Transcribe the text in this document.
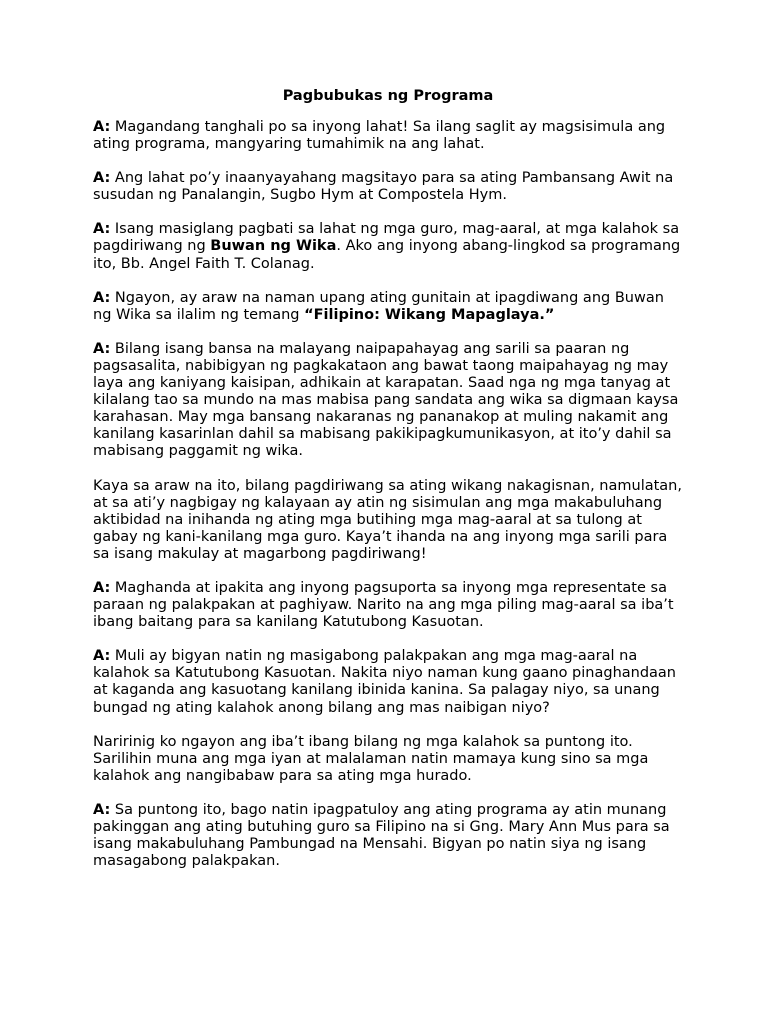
Pagbubukas ng Programa

A: Magandang tanghali po sa inyong lahat! Sa ilang saglit ay magsisimula ang ating programa, mangyaring tumahimik na ang lahat.

A: Ang lahat po’y inaanyayahang magsitayo para sa ating Pambansang Awit na susudan ng Panalangin, Sugbo Hym at Compostela Hym.

A: Isang masiglang pagbati sa lahat ng mga guro, mag-aaral, at mga kalahok sa pagdiriwang ng Buwan ng Wika. Ako ang inyong abang-lingkod sa programang ito, Bb. Angel Faith T. Colanag.

A: Ngayon, ay araw na naman upang ating gunitain at ipagdiwang ang Buwan ng Wika sa ilalim ng temang “Filipino: Wikang Mapaglaya.”

A: Bilang isang bansa na malayang naipapahayag ang sarili sa paaran ng pagsasalita, nabibigyan ng pagkakataon ang bawat taong maipahayag ng may laya ang kaniyang kaisipan, adhikain at karapatan. Saad nga ng mga tanyag at kilalang tao sa mundo na mas mabisa pang sandata ang wika sa digmaan kaysa karahasan. May mga bansang nakaranas ng pananakop at muling nakamit ang kanilang kasarinlan dahil sa mabisang pakikipagkumunikasyon, at ito’y dahil sa mabisang paggamit ng wika.

Kaya sa araw na ito, bilang pagdiriwang sa ating wikang nakagisnan, namulatan, at sa ati’y nagbigay ng kalayaan ay atin ng sisimulan ang mga makabuluhang aktibidad na inihanda ng ating mga butihing mga mag-aaral at sa tulong at gabay ng kani-kanilang mga guro. Kaya’t ihanda na ang inyong mga sarili para sa isang makulay at magarbong pagdiriwang!

A: Maghanda at ipakita ang inyong pagsuporta sa inyong mga representate sa paraan ng palakpakan at paghiyaw. Narito na ang mga piling mag-aaral sa iba’t ibang baitang para sa kanilang Katutubong Kasuotan.

A: Muli ay bigyan natin ng masigabong palakpakan ang mga mag-aaral na kalahok sa Katutubong Kasuotan. Nakita niyo naman kung gaano pinaghandaan at kaganda ang kasuotang kanilang ibinida kanina. Sa palagay niyo, sa unang bungad ng ating kalahok anong bilang ang mas naibigan niyo?

Naririnig ko ngayon ang iba’t ibang bilang ng mga kalahok sa puntong ito. Sarilihin muna ang mga iyan at malalaman natin mamaya kung sino sa mga kalahok ang nangibabaw para sa ating mga hurado.

A: Sa puntong ito, bago natin ipagpatuloy ang ating programa ay atin munang pakinggan ang ating butuhing guro sa Filipino na si Gng. Mary Ann Mus para sa isang makabuluhang Pambungad na Mensahi. Bigyan po natin siya ng isang masagabong palakpakan.
